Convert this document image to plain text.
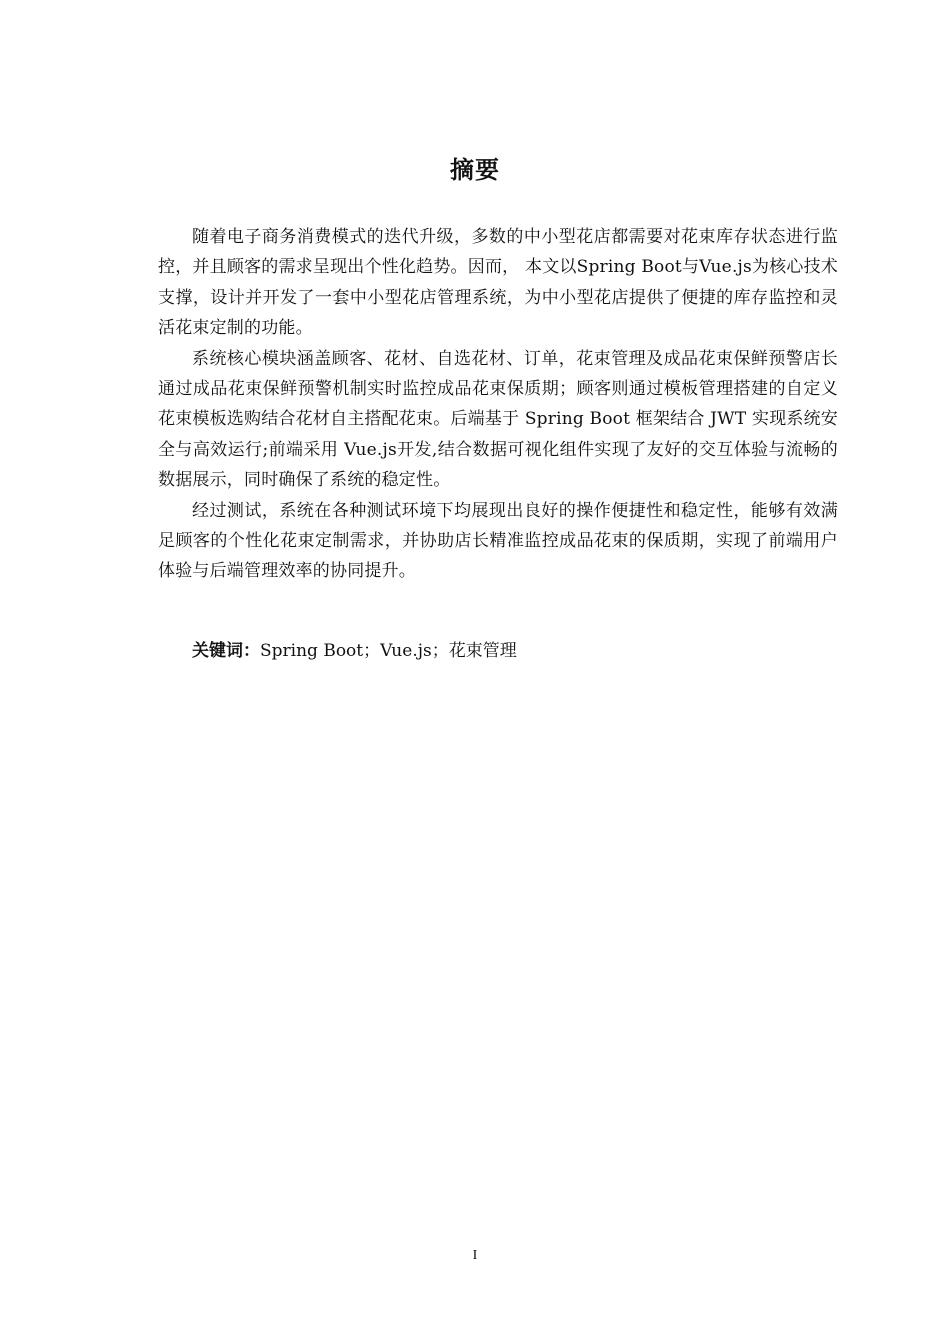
摘要

随着电子商务消费模式的迭代升级，多数的中小型花店都需要对花束库存状态进行监控，并且顾客的需求呈现出个性化趋势。因而， 本文以Spring Boot与Vue.js为核心技术支撑，设计并开发了一套中小型花店管理系统，为中小型花店提供了便捷的库存监控和灵活花束定制的功能。

系统核心模块涵盖顾客、花材、自选花材、订单，花束管理及成品花束保鲜预警店长通过成品花束保鲜预警机制实时监控成品花束保质期；顾客则通过模板管理搭建的自定义花束模板选购结合花材自主搭配花束。后端基于 Spring Boot 框架结合 JWT 实现系统安全与高效运行;前端采用 Vue.js开发,结合数据可视化组件实现了友好的交互体验与流畅的数据展示，同时确保了系统的稳定性。

经过测试，系统在各种测试环境下均展现出良好的操作便捷性和稳定性，能够有效满足顾客的个性化花束定制需求，并协助店长精准监控成品花束的保质期，实现了前端用户体验与后端管理效率的协同提升。

关键词：Spring Boot；Vue.js；花束管理
I
